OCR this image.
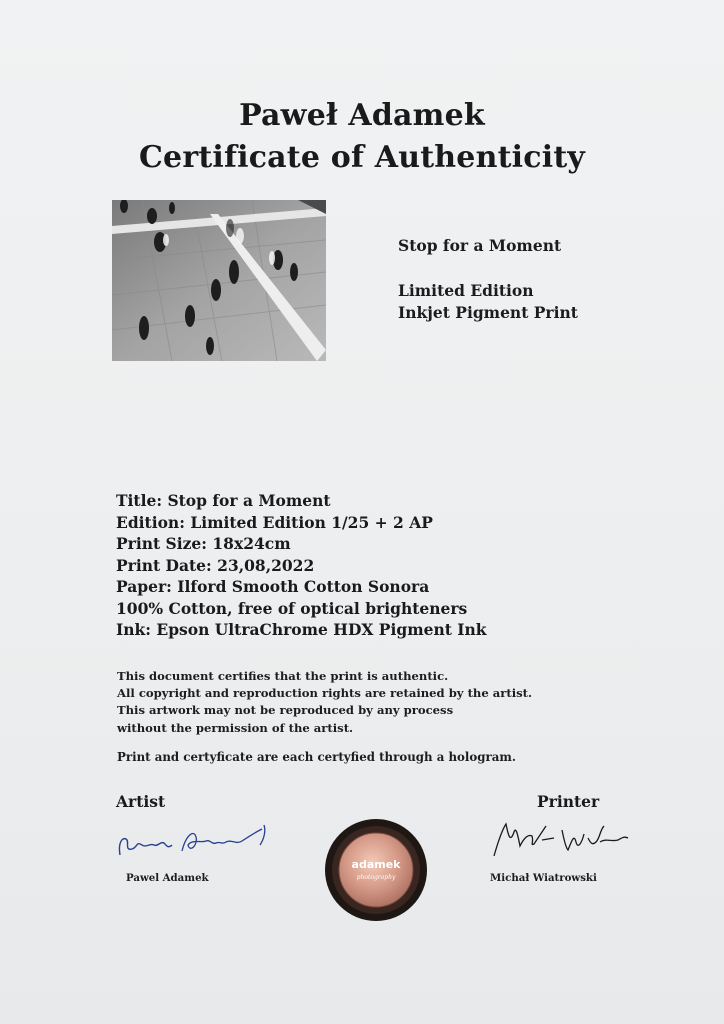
Paweł Adamek
Certificate of Authenticity
Stop for a Moment
Limited Edition
Inkjet Pigment Print
Title: Stop for a Moment
Edition: Limited Edition 1/25 + 2 AP
Print Size: 18x24cm
Print Date: 23,08,2022
Paper: Ilford Smooth Cotton Sonora
100% Cotton, free of optical brighteners
Ink: Epson UltraChrome HDX Pigment Ink
This document certifies that the print is authentic.
All copyright and reproduction rights are retained by the artist.
This artwork may not be reproduced by any process
without the permission of the artist.
Print and certyficate are each certyfied through a hologram.
Artist	Printer
Pawel Adamek	Michał Wiatrowski
adamek
photography
